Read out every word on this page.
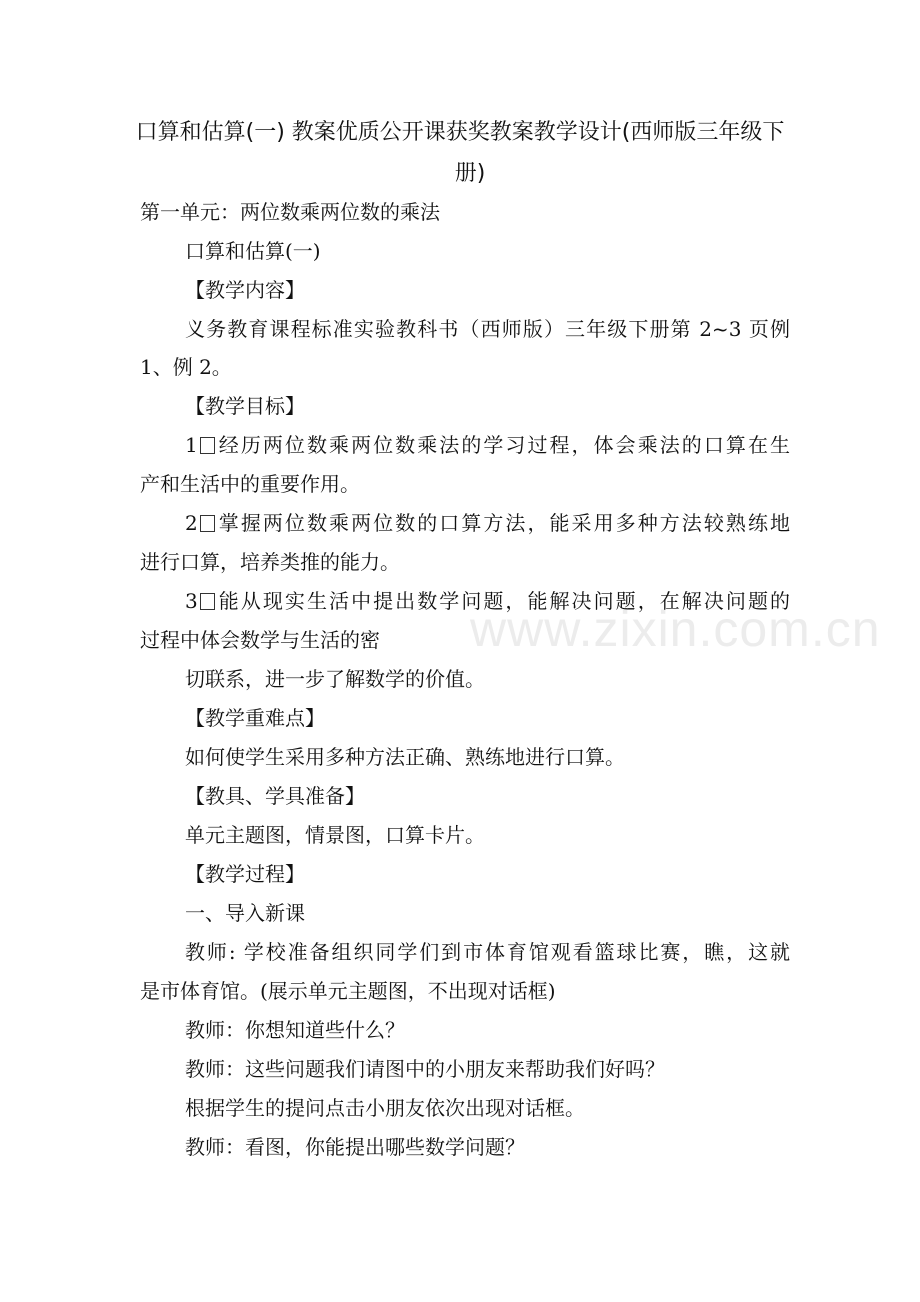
www.zixin.com.cn
口算和估算(一) 教案优质公开课获奖教案教学设计(西师版三年级下
册)
第一单元：两位数乘两位数的乘法
口算和估算(一)
【教学内容】
义务教育课程标准实验教科书（西师版）三年级下册第 2~3 页例
1、例 2。
【教学目标】
1 经历两位数乘两位数乘法的学习过程，体会乘法的口算在生
产和生活中的重要作用。
2 掌握两位数乘两位数的口算方法，能采用多种方法较熟练地
进行口算，培养类推的能力。
3 能从现实生活中提出数学问题，能解决问题，在解决问题的
过程中体会数学与生活的密
切联系，进一步了解数学的价值。
【教学重难点】
如何使学生采用多种方法正确、熟练地进行口算。
【教具、学具准备】
单元主题图，情景图，口算卡片。
【教学过程】
一、导入新课
教师: 学校准备组织同学们到市体育馆观看篮球比赛，瞧，这就
是市体育馆。(展示单元主题图，不出现对话框)
教师：你想知道些什么？
教师：这些问题我们请图中的小朋友来帮助我们好吗？
根据学生的提问点击小朋友依次出现对话框。
教师：看图，你能提出哪些数学问题？
